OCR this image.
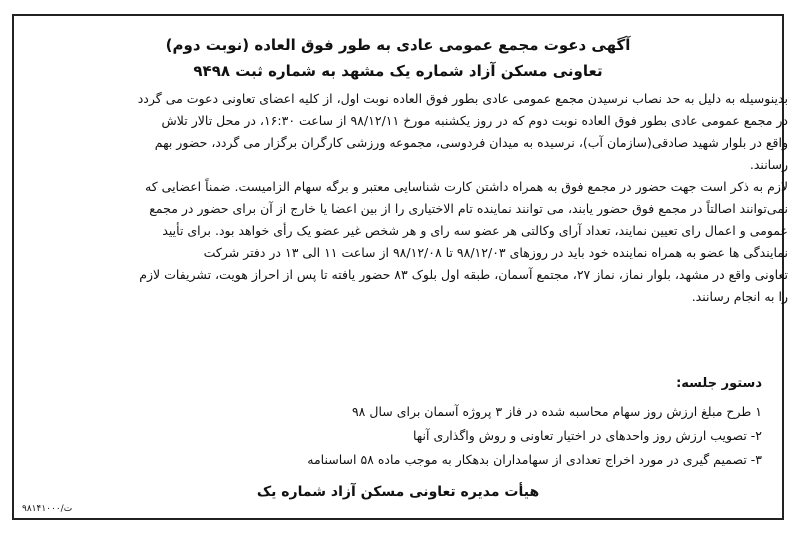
آگهی دعوت مجمع عمومی عادی به طور فوق العاده (نوبت دوم)
تعاونی مسکن آزاد شماره یک مشهد به شماره ثبت ۹۴۹۸
بدینوسیله به دلیل به حد نصاب نرسیدن مجمع عمومی عادی بطور فوق العاده نوبت اول، از کلیه اعضای تعاونی دعوت می گردد
در مجمع عمومی عادی بطور فوق العاده نوبت دوم که در روز یکشنبه مورخ ۹۸/۱۲/۱۱ از ساعت ۱۶:۳۰، در محل تالار تلاش
واقع در بلوار شهید صادقی(سازمان آب)، نرسیده به میدان فردوسی، مجموعه ورزشی کارگران برگزار می گردد، حضور بهم
رسانند.
لازم به ذکر است جهت حضور در مجمع فوق به همراه داشتن کارت شناسایی معتبر و برگه سهام الزامیست. ضمناً اعضایی که
نمی‌توانند اصالتاً در مجمع فوق حضور یابند، می توانند نماینده تام الاختیاری را از بین اعضا یا خارج از آن برای حضور در مجمع
عمومی و اعمال رای تعیین نمایند، تعداد آرای وکالتی هر عضو سه رای و هر شخص غیر عضو یک رأی خواهد بود. برای تأیید
نمایندگی ها عضو به همراه نماینده خود باید در روزهای ۹۸/۱۲/۰۳ تا ۹۸/۱۲/۰۸ از ساعت ۱۱ الی ۱۳ در دفتر شرکت
تعاونی واقع در مشهد، بلوار نماز، نماز ۲۷، مجتمع آسمان، طبقه اول بلوک ۸۳ حضور یافته تا پس از احراز هویت، تشریفات لازم
را به انجام رسانند.
دستور جلسه:
۱ طرح مبلغ ارزش روز سهام محاسبه شده در فاز ۳ پروژه آسمان برای سال ۹۸
۲- تصویب ارزش روز واحدهای در اختیار تعاونی و روش واگذاری آنها
۳- تصمیم گیری در مورد اخراج تعدادی از سهامداران بدهکار به موجب ماده ۵۸ اساسنامه
هیأت مدیره تعاونی مسکن آزاد شماره یک
۹۸۱۴۱۰۰۰/ت
